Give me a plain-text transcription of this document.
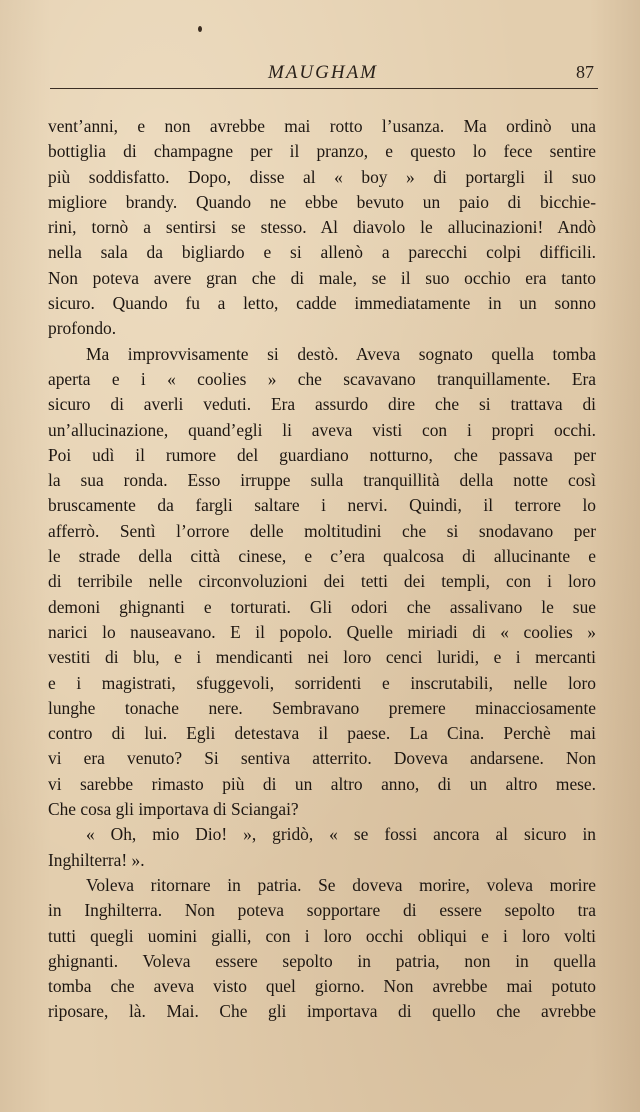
MAUGHAM	87
vent’anni, e non avrebbe mai rotto l’usanza. Ma ordinò una
bottiglia di champagne per il pranzo, e questo lo fece sentire
più soddisfatto. Dopo, disse al « boy » di portargli il suo
migliore brandy. Quando ne ebbe bevuto un paio di bicchie-
rini, tornò a sentirsi se stesso. Al diavolo le allucinazioni! Andò
nella sala da bigliardo e si allenò a parecchi colpi difficili.
Non poteva avere gran che di male, se il suo occhio era tanto
sicuro. Quando fu a letto, cadde immediatamente in un sonno
profondo.
Ma improvvisamente si destò. Aveva sognato quella tomba
aperta e i « coolies » che scavavano tranquillamente. Era
sicuro di averli veduti. Era assurdo dire che si trattava di
un’allucinazione, quand’egli li aveva visti con i propri occhi.
Poi udì il rumore del guardiano notturno, che passava per
la sua ronda. Esso irruppe sulla tranquillità della notte così
bruscamente da fargli saltare i nervi. Quindi, il terrore lo
afferrò. Sentì l’orrore delle moltitudini che si snodavano per
le strade della città cinese, e c’era qualcosa di allucinante e
di terribile nelle circonvoluzioni dei tetti dei templi, con i loro
demoni ghignanti e torturati. Gli odori che assalivano le sue
narici lo nauseavano. E il popolo. Quelle miriadi di « coolies »
vestiti di blu, e i mendicanti nei loro cenci luridi, e i mercanti
e i magistrati, sfuggevoli, sorridenti e inscrutabili, nelle loro
lunghe tonache nere. Sembravano premere minacciosamente
contro di lui. Egli detestava il paese. La Cina. Perchè mai
vi era venuto? Si sentiva atterrito. Doveva andarsene. Non
vi sarebbe rimasto più di un altro anno, di un altro mese.
Che cosa gli importava di Sciangai?
« Oh, mio Dio! », gridò, « se fossi ancora al sicuro in
Inghilterra! ».
Voleva ritornare in patria. Se doveva morire, voleva morire
in Inghilterra. Non poteva sopportare di essere sepolto tra
tutti quegli uomini gialli, con i loro occhi obliqui e i loro volti
ghignanti. Voleva essere sepolto in patria, non in quella
tomba che aveva visto quel giorno. Non avrebbe mai potuto
riposare, là. Mai. Che gli importava di quello che avrebbe
